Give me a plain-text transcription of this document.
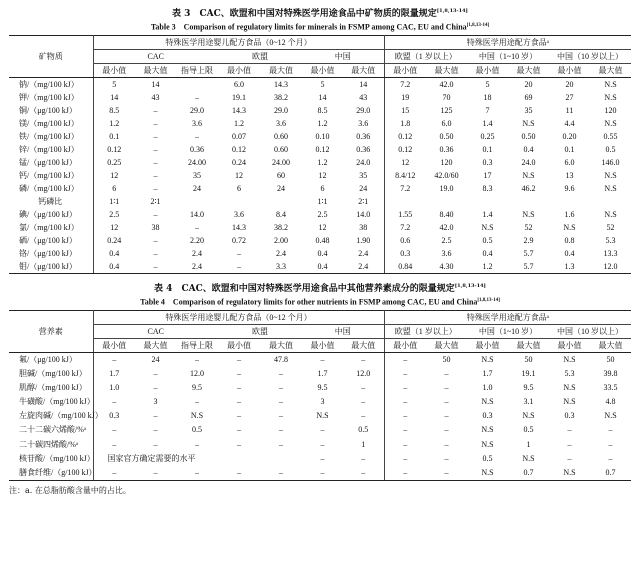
表 3　CAC、欧盟和中国对特殊医学用途食品中矿物质的限量规定[1,8,13-14]
Table 3　Comparison of regulatory limits for minerals in FSMP among CAC, EU and China[1,8,13-14]
矿物质	特殊医学用途婴儿配方食品（0~12 个月）							特殊医学用途配方食品ᵃ					
	CAC			欧盟		中国		欧盟（1 岁以上）		中国（1~10 岁）		中国（10 岁以上）	
	最小值	最大值	指导上限	最小值	最大值	最小值	最大值	最小值	最大值	最小值	最大值	最小值	最大值
钠/（mg/100 kJ）	5	14		6.0	14.3	5	14	7.2	42.0	5	20	20	N.S
钾/（mg/100 kJ）	14	43	–	19.1	38.2	14	43	19	70	18	69	27	N.S
铜/（μg/100 kJ）	8.5	–	29.0	14.3	29.0	8.5	29.0	15	125	7	35	11	120
镁/（mg/100 kJ）	1.2	–	3.6	1.2	3.6	1.2	3.6	1.8	6.0	1.4	N.S	4.4	N.S
铁/（mg/100 kJ）	0.1	–	–	0.07	0.60	0.10	0.36	0.12	0.50	0.25	0.50	0.20	0.55
锌/（mg/100 kJ）	0.12	–	0.36	0.12	0.60	0.12	0.36	0.12	0.36	0.1	0.4	0.1	0.5
锰/（μg/100 kJ）	0.25	–	24.00	0.24	24.00	1.2	24.0	12	120	0.3	24.0	6.0	146.0
钙/（mg/100 kJ）	12	–	35	12	60	12	35	8.4/12	42.0/60	17	N.S	13	N.S
磷/（mg/100 kJ）	6	–	24	6	24	6	24	7.2	19.0	8.3	46.2	9.6	N.S
钙磷比	1∶1	2∶1				1∶1	2∶1						
碘/（μg/100 kJ）	2.5	–	14.0	3.6	8.4	2.5	14.0	1.55	8.40	1.4	N.S	1.6	N.S
氯/（mg/100 kJ）	12	38	–	14.3	38.2	12	38	7.2	42.0	N.S	52	N.S	52
硒/（μg/100 kJ）	0.24	–	2.20	0.72	2.00	0.48	1.90	0.6	2.5	0.5	2.9	0.8	5.3
铬/（μg/100 kJ）	0.4	–	2.4	–	2.4	0.4	2.4	0.3	3.6	0.4	5.7	0.4	13.3
钼/（μg/100 kJ）	0.4	–	2.4	–	3.3	0.4	2.4	0.84	4.30	1.2	5.7	1.3	12.0
表 4　CAC、欧盟和中国对特殊医学用途食品中其他营养素成分的限量规定[1,8,13-14]
Table 4　Comparison of regulatory limits for other nutrients in FSMP among CAC, EU and China[1,8,13-14]
营养素	特殊医学用途婴儿配方食品（0~12 个月）							特殊医学用途配方食品ᵃ					
	CAC			欧盟		中国		欧盟（1 岁以上）		中国（1~10 岁）		中国（10 岁以上）	
	最小值	最大值	指导上限	最小值	最大值	最小值	最大值	最小值	最大值	最小值	最大值	最小值	最大值
氟/（μg/100 kJ）	–	24	–	–	47.8	–	–	–	50	N.S	50	N.S	50
胆碱/（mg/100 kJ）	1.7	–	12.0	–	–	1.7	12.0	–	–	1.7	19.1	5.3	39.8
肌醇/（mg/100 kJ）	1.0	–	9.5	–	–	9.5	–	–	–	1.0	9.5	N.S	33.5
牛磺酸/（mg/100 kJ）	–	3	–	–	–	3	–	–	–	N.S	3.1	N.S	4.8
左旋肉碱/（mg/100 kJ）	0.3	–	N.S	–	–	N.S	–	–	–	0.3	N.S	0.3	N.S
二十二碳六烯酸/%ᵃ	–	–	0.5	–	–	–	0.5	–	–	N.S	0.5	–	–
二十碳四烯酸/%ᵃ	–	–	–	–	–	–	1	–	–	N.S	1	–	–
核苷酸/（mg/100 kJ）	国家官方确定需要的水平					–	–	–	–	0.5	N.S	–	–
膳食纤维/（g/100 kJ）	–	–	–	–	–	–	–	–	–	N.S	0.7	N.S	0.7
注：a. 在总脂肪酸含量中的占比。
